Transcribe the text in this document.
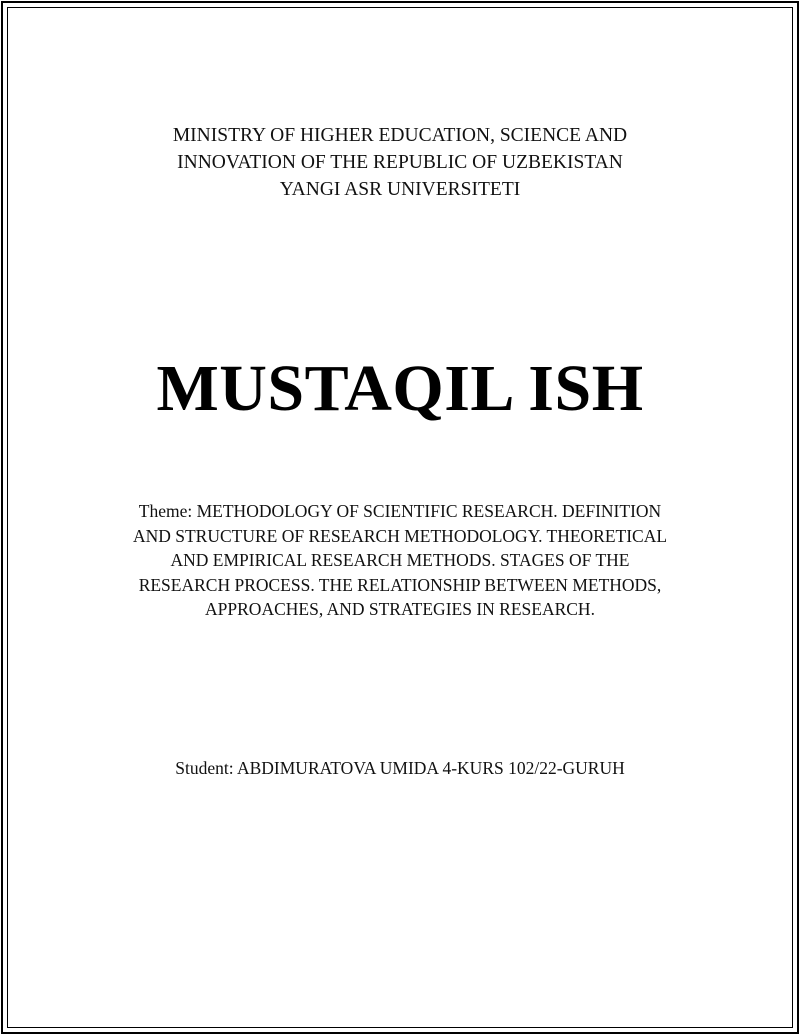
MINISTRY OF HIGHER EDUCATION, SCIENCE AND
INNOVATION OF THE REPUBLIC OF UZBEKISTAN
YANGI ASR UNIVERSITETI
MUSTAQIL ISH
Theme: METHODOLOGY OF SCIENTIFIC RESEARCH. DEFINITION
AND STRUCTURE OF RESEARCH METHODOLOGY. THEORETICAL
AND EMPIRICAL RESEARCH METHODS. STAGES OF THE
RESEARCH PROCESS. THE RELATIONSHIP BETWEEN METHODS,
APPROACHES, AND STRATEGIES IN RESEARCH.
Student: ABDIMURATOVA UMIDA 4-KURS 102/22-GURUH
